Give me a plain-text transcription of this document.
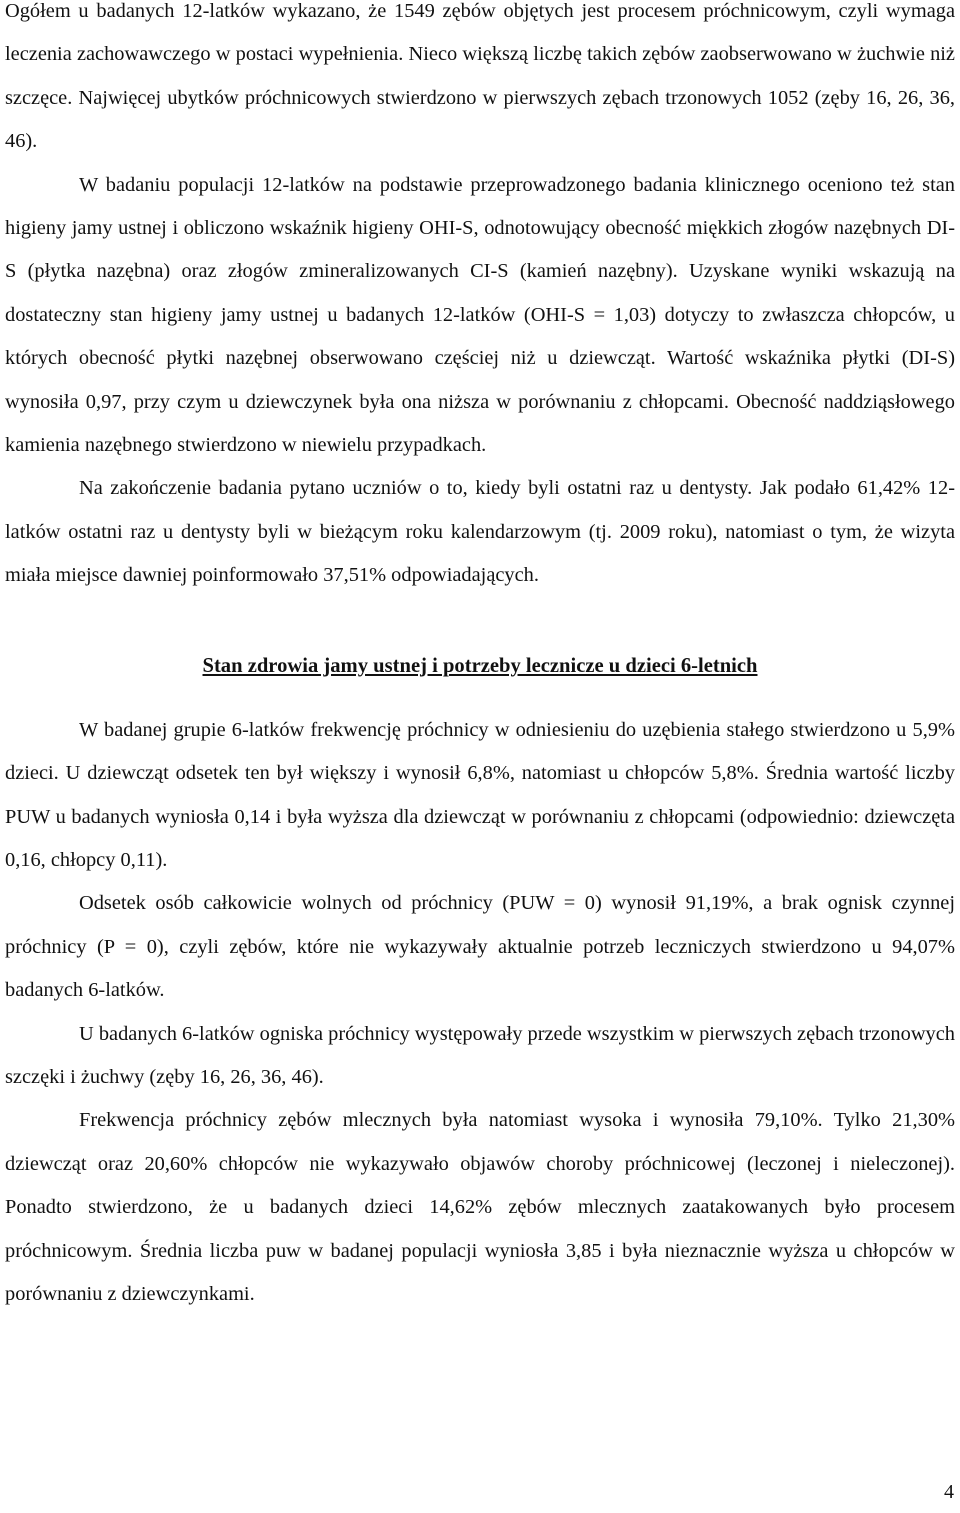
Ogółem u badanych 12-latków wykazano, że 1549 zębów objętych jest procesem próchnicowym, czyli wymaga leczenia zachowawczego w postaci wypełnienia. Nieco większą liczbę takich zębów zaobserwowano w żuchwie niż szczęce. Najwięcej ubytków próchnicowych stwierdzono w pierwszych zębach trzonowych 1052 (zęby 16, 26, 36, 46).

W badaniu populacji 12-latków na podstawie przeprowadzonego badania klinicznego oceniono też stan higieny jamy ustnej i obliczono wskaźnik higieny OHI-S, odnotowujący obecność miękkich złogów nazębnych DI-S (płytka nazębna) oraz złogów zmineralizowanych CI-S (kamień nazębny). Uzyskane wyniki wskazują na dostateczny stan higieny jamy ustnej u badanych 12-latków (OHI-S = 1,03) dotyczy to zwłaszcza chłopców, u których obecność płytki nazębnej obserwowano częściej niż u dziewcząt. Wartość wskaźnika płytki (DI-S) wynosiła 0,97, przy czym u dziewczynek była ona niższa w porównaniu z chłopcami. Obecność naddziąsłowego kamienia nazębnego stwierdzono w niewielu przypadkach.

Na zakończenie badania pytano uczniów o to, kiedy byli ostatni raz u dentysty. Jak podało 61,42% 12-latków ostatni raz u dentysty byli w bieżącym roku kalendarzowym (tj. 2009 roku), natomiast o tym, że wizyta miała miejsce dawniej poinformowało 37,51% odpowiadających.

Stan zdrowia jamy ustnej i potrzeby lecznicze u dzieci 6-letnich

W badanej grupie 6-latków frekwencję próchnicy w odniesieniu do uzębienia stałego stwierdzono u 5,9% dzieci. U dziewcząt odsetek ten był większy i wynosił 6,8%, natomiast u chłopców 5,8%. Średnia wartość liczby PUW u badanych wyniosła 0,14 i była wyższa dla dziewcząt w porównaniu z chłopcami (odpowiednio: dziewczęta 0,16, chłopcy 0,11).

Odsetek osób całkowicie wolnych od próchnicy (PUW = 0) wynosił 91,19%, a brak ognisk czynnej próchnicy (P = 0), czyli zębów, które nie wykazywały aktualnie potrzeb leczniczych stwierdzono u 94,07% badanych 6-latków.

U badanych 6-latków ogniska próchnicy występowały przede wszystkim w pierwszych zębach trzonowych szczęki i żuchwy (zęby 16, 26, 36, 46).

Frekwencja próchnicy zębów mlecznych była natomiast wysoka i wynosiła 79,10%. Tylko 21,30% dziewcząt oraz 20,60% chłopców nie wykazywało objawów choroby próchnicowej (leczonej i nieleczonej). Ponadto stwierdzono, że u badanych dzieci 14,62% zębów mlecznych zaatakowanych było procesem próchnicowym. Średnia liczba puw w badanej populacji wyniosła 3,85 i była nieznacznie wyższa u chłopców w porównaniu z dziewczynkami.

4
